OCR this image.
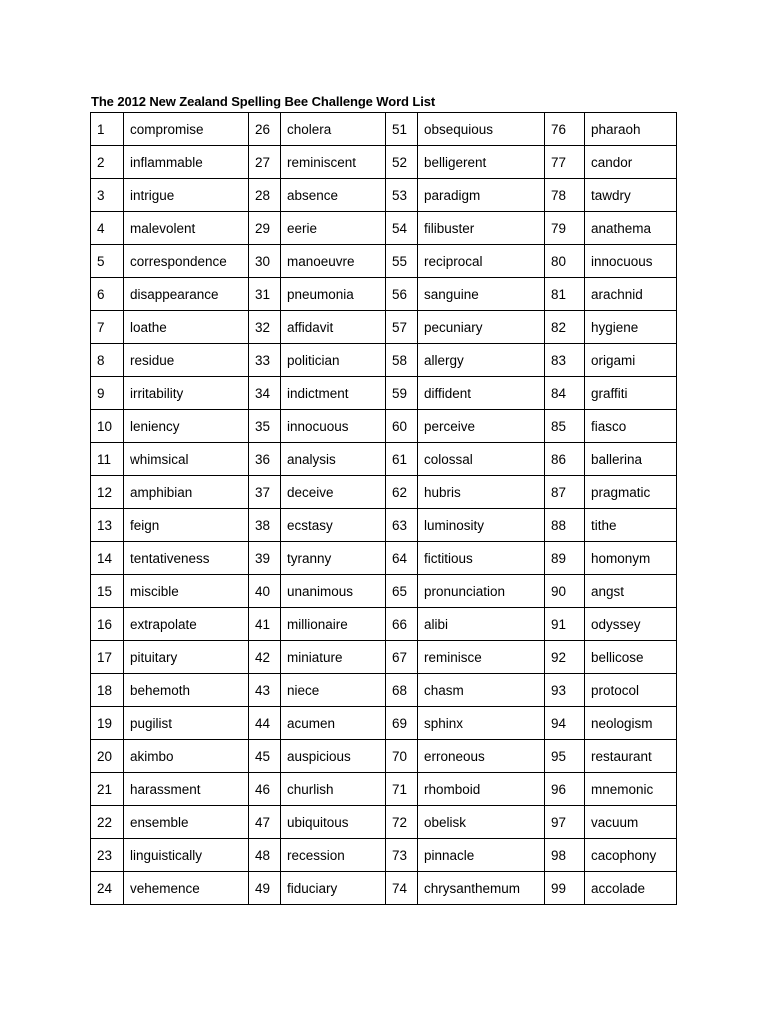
The 2012 New Zealand Spelling Bee Challenge Word List
1	compromise	26	cholera	51	obsequious	76	pharaoh
2	inflammable	27	reminiscent	52	belligerent	77	candor
3	intrigue	28	absence	53	paradigm	78	tawdry
4	malevolent	29	eerie	54	filibuster	79	anathema
5	correspondence	30	manoeuvre	55	reciprocal	80	innocuous
6	disappearance	31	pneumonia	56	sanguine	81	arachnid
7	loathe	32	affidavit	57	pecuniary	82	hygiene
8	residue	33	politician	58	allergy	83	origami
9	irritability	34	indictment	59	diffident	84	graffiti
10	leniency	35	innocuous	60	perceive	85	fiasco
11	whimsical	36	analysis	61	colossal	86	ballerina
12	amphibian	37	deceive	62	hubris	87	pragmatic
13	feign	38	ecstasy	63	luminosity	88	tithe
14	tentativeness	39	tyranny	64	fictitious	89	homonym
15	miscible	40	unanimous	65	pronunciation	90	angst
16	extrapolate	41	millionaire	66	alibi	91	odyssey
17	pituitary	42	miniature	67	reminisce	92	bellicose
18	behemoth	43	niece	68	chasm	93	protocol
19	pugilist	44	acumen	69	sphinx	94	neologism
20	akimbo	45	auspicious	70	erroneous	95	restaurant
21	harassment	46	churlish	71	rhomboid	96	mnemonic
22	ensemble	47	ubiquitous	72	obelisk	97	vacuum
23	linguistically	48	recession	73	pinnacle	98	cacophony
24	vehemence	49	fiduciary	74	chrysanthemum	99	accolade
